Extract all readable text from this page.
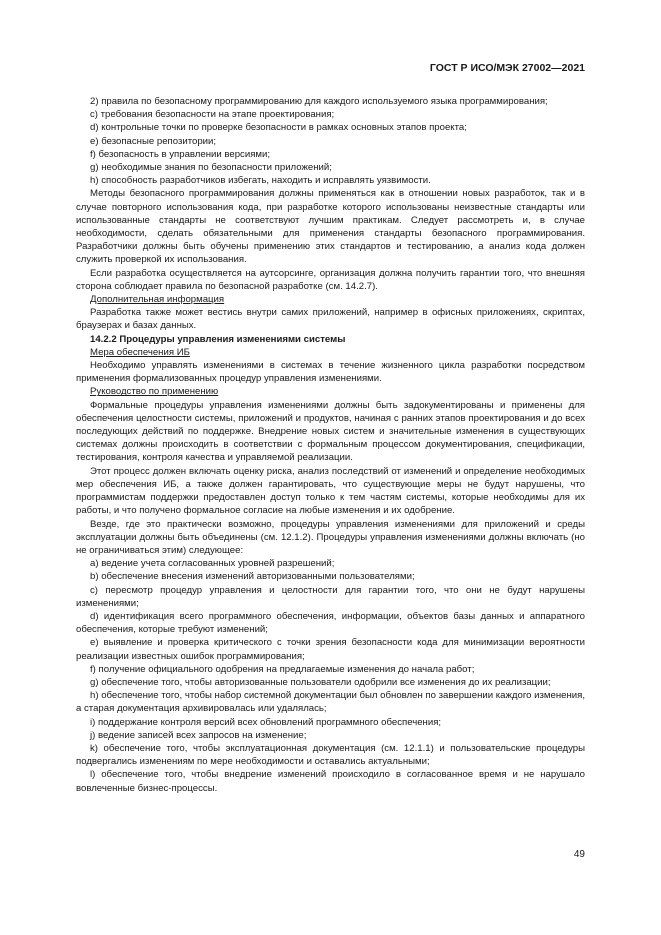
ГОСТ Р ИСО/МЭК 27002—2021

2) правила по безопасному программированию для каждого используемого языка программирования;

c) требования безопасности на этапе проектирования;

d) контрольные точки по проверке безопасности в рамках основных этапов проекта;

e) безопасные репозитории;

f) безопасность в управлении версиями;

g) необходимые знания по безопасности приложений;

h) способность разработчиков избегать, находить и исправлять уязвимости.

Методы безопасного программирования должны применяться как в отношении новых разработок, так и в случае повторного использования кода, при разработке которого использованы неизвестные стандарты или использованные стандарты не соответствуют лучшим практикам. Следует рассмотреть и, в случае необходимости, сделать обязательными для применения стандарты безопасного программирования. Разработчики должны быть обучены применению этих стандартов и тестированию, а анализ кода должен служить проверкой их использования.

Если разработка осуществляется на аутсорсинге, организация должна получить гарантии того, что внешняя сторона соблюдает правила по безопасной разработке (см. 14.2.7).

Дополнительная информация

Разработка также может вестись внутри самих приложений, например в офисных приложениях, скриптах, браузерах и базах данных.

14.2.2 Процедуры управления изменениями системы

Мера обеспечения ИБ

Необходимо управлять изменениями в системах в течение жизненного цикла разработки посредством применения формализованных процедур управления изменениями.

Руководство по применению

Формальные процедуры управления изменениями должны быть задокументированы и применены для обеспечения целостности системы, приложений и продуктов, начиная с ранних этапов проектирования и до всех последующих действий по поддержке. Внедрение новых систем и значительные изменения в существующих системах должны происходить в соответствии с формальным процессом документирования, спецификации, тестирования, контроля качества и управляемой реализации.

Этот процесс должен включать оценку риска, анализ последствий от изменений и определение необходимых мер обеспечения ИБ, а также должен гарантировать, что существующие меры не будут нарушены, что программистам поддержки предоставлен доступ только к тем частям системы, которые необходимы для их работы, и что получено формальное согласие на любые изменения и их одобрение.

Везде, где это практически возможно, процедуры управления изменениями для приложений и среды эксплуатации должны быть объединены (см. 12.1.2). Процедуры управления изменениями должны включать (но не ограничиваться этим) следующее:

a) ведение учета согласованных уровней разрешений;

b) обеспечение внесения изменений авторизованными пользователями;

c) пересмотр процедур управления и целостности для гарантии того, что они не будут нарушены изменениями;

d) идентификация всего программного обеспечения, информации, объектов базы данных и аппаратного обеспечения, которые требуют изменений;

e) выявление и проверка критического с точки зрения безопасности кода для минимизации вероятности реализации известных ошибок программирования;

f) получение официального одобрения на предлагаемые изменения до начала работ;

g) обеспечение того, чтобы авторизованные пользователи одобрили все изменения до их реализации;

h) обеспечение того, чтобы набор системной документации был обновлен по завершении каждого изменения, а старая документация архивировалась или удалялась;

i) поддержание контроля версий всех обновлений программного обеспечения;

j) ведение записей всех запросов на изменение;

k) обеспечение того, чтобы эксплуатационная документация (см. 12.1.1) и пользовательские процедуры подвергались изменениям по мере необходимости и оставались актуальными;

l) обеспечение того, чтобы внедрение изменений происходило в согласованное время и не нарушало вовлеченные бизнес-процессы.

49
